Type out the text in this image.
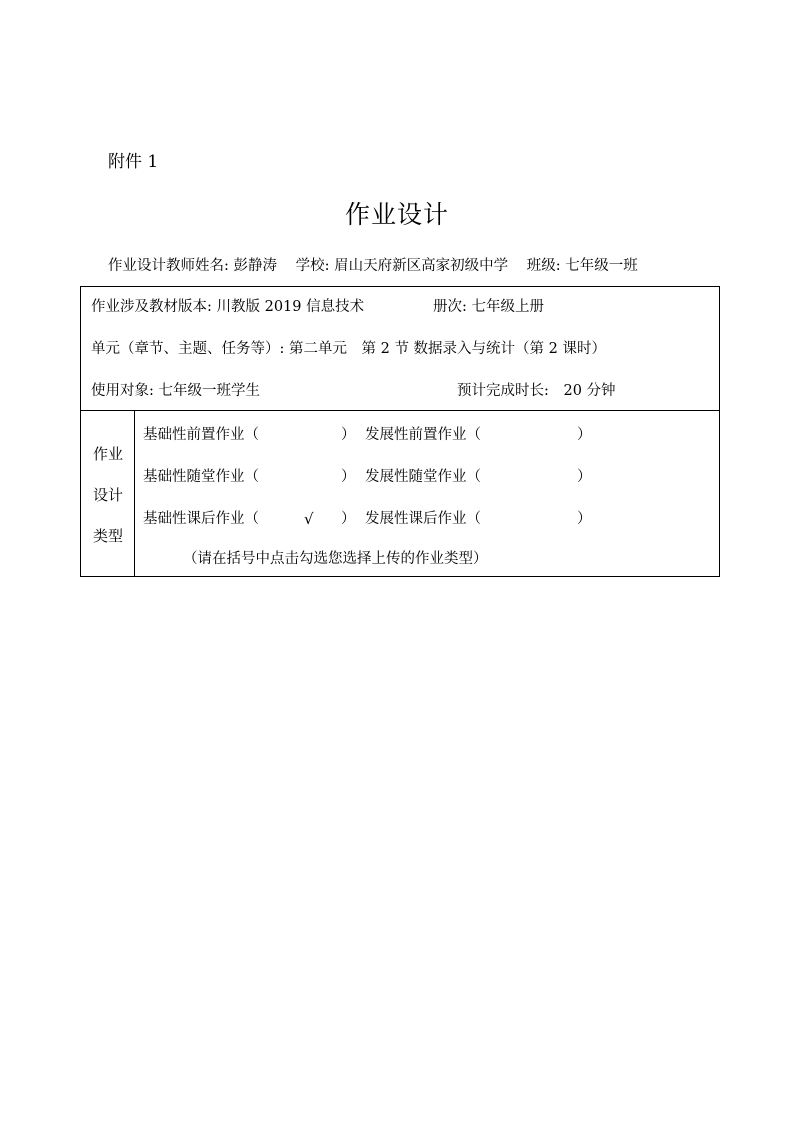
附件 1
作业设计
作业设计教师姓名: 彭静涛 学校: 眉山天府新区高家初级中学 班级: 七年级一班
作业涉及教材版本: 川教版 2019 信息技术	册次: 七年级上册
单元（章节、主题、任务等）: 第二单元　第 2 节 数据录入与统计（第 2 课时）
使用对象: 七年级一班学生	预计完成时长: 20 分钟
作业
设计
类型
基础性前置作业（	） 发展性前置作业（	）
基础性随堂作业（	） 发展性随堂作业（	）
基础性课后作业（	√ ） 发展性课后作业（	）
（请在括号中点击勾选您选择上传的作业类型）
